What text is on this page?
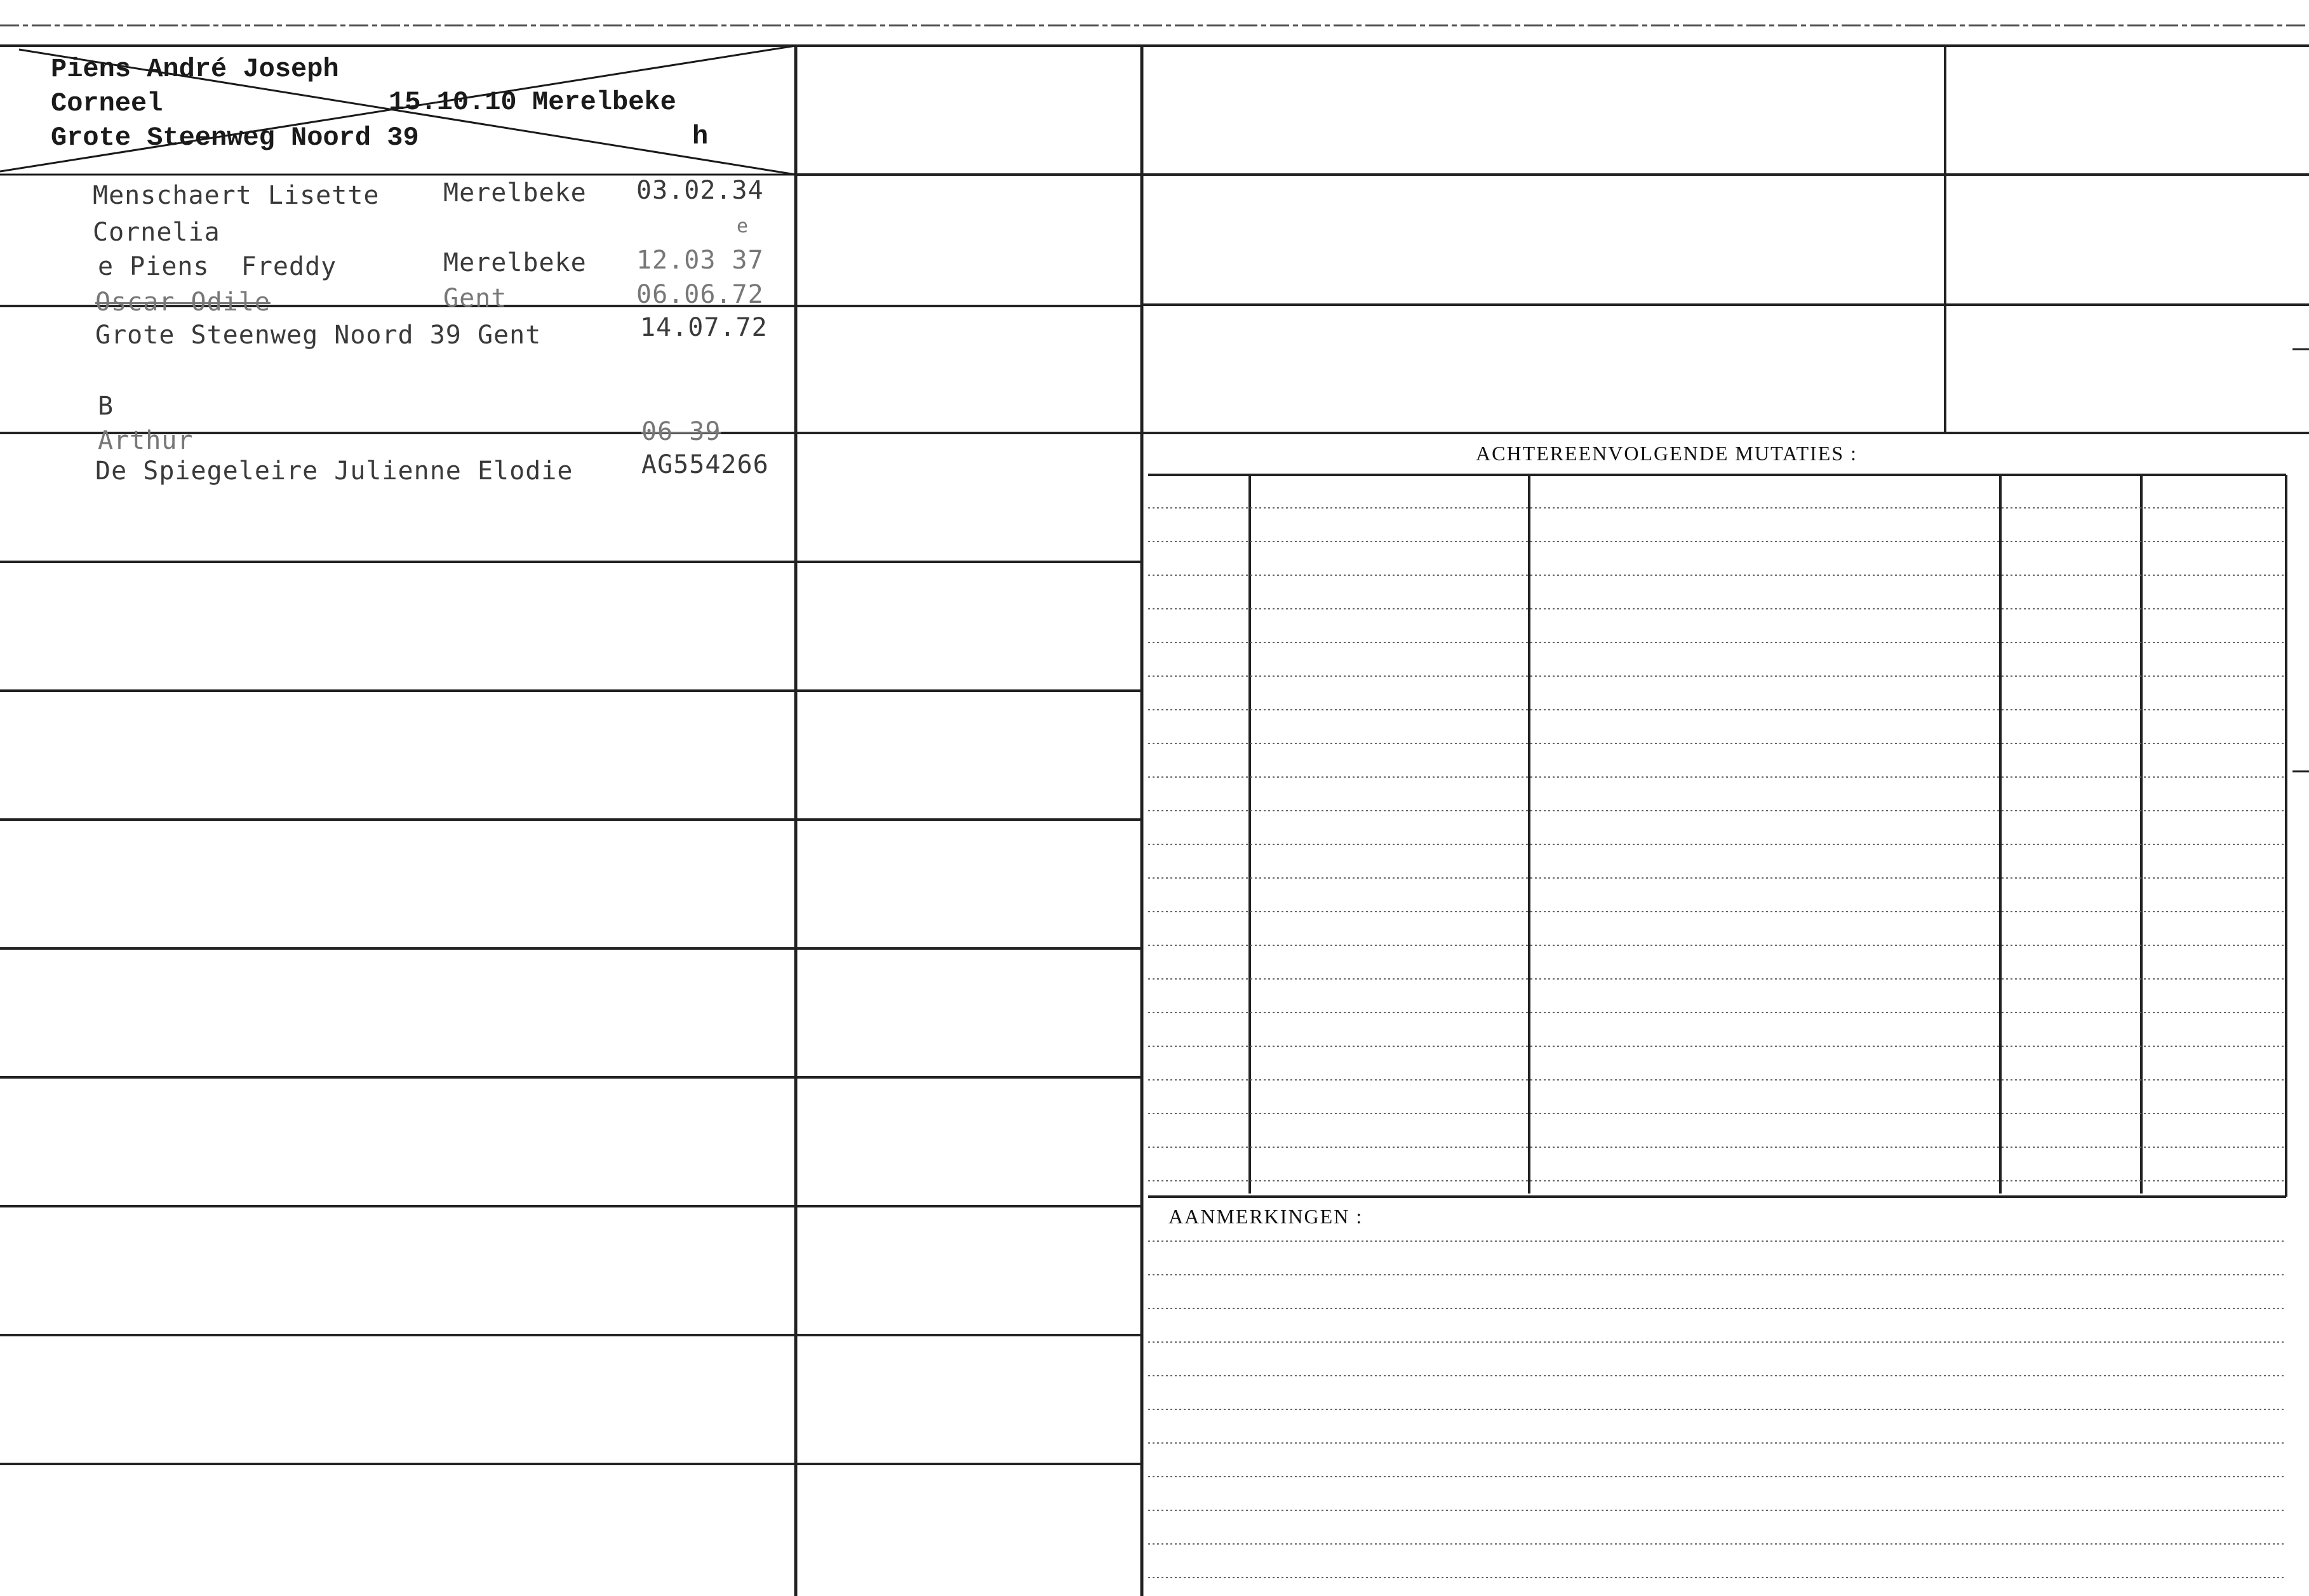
Piens André Joseph
Corneel	15.10.10 Merelbeke
Grote Steenweg Noord 39	h
Menschaert Lisette	Merelbeke 03.02.34
Cornelia	e
e Piens  Freddy	Merelbeke 12.03 37
Oscar Odile	Gent	06.06.72
Grote Steenweg Noord 39 Gent	14.07.72
B
Arthur	06 39
De Spiegeleire Julienne Elodie	AG554266	ACHTEREENVOLGENDE MUTATIES :
AANMERKINGEN :
